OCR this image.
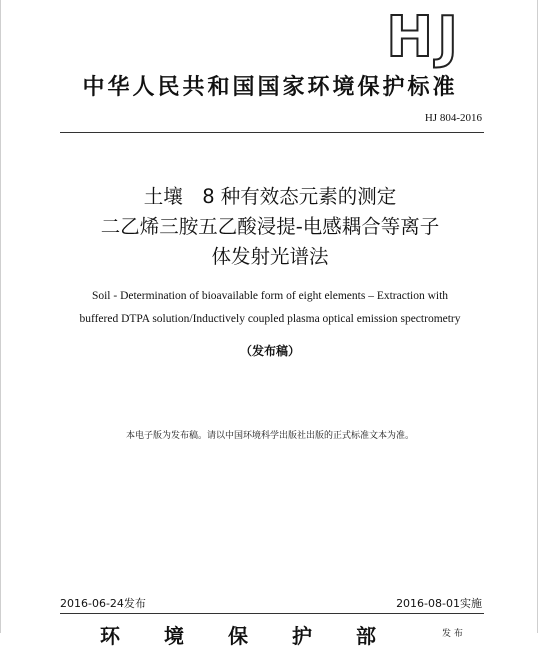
HJ
中华人民共和国国家环境保护标准
HJ 804-2016
土壤　8 种有效态元素的测定
二乙烯三胺五乙酸浸提-电感耦合等离子
体发射光谱法
Soil - Determination of bioavailable form of eight elements – Extraction with
buffered DTPA solution/Inductively coupled plasma optical emission spectrometry
（发布稿）
本电子版为发布稿。请以中国环境科学出版社出版的正式标准文本为准。
2016-06-24发布	2016-08-01实施
环境保护部 发 布
